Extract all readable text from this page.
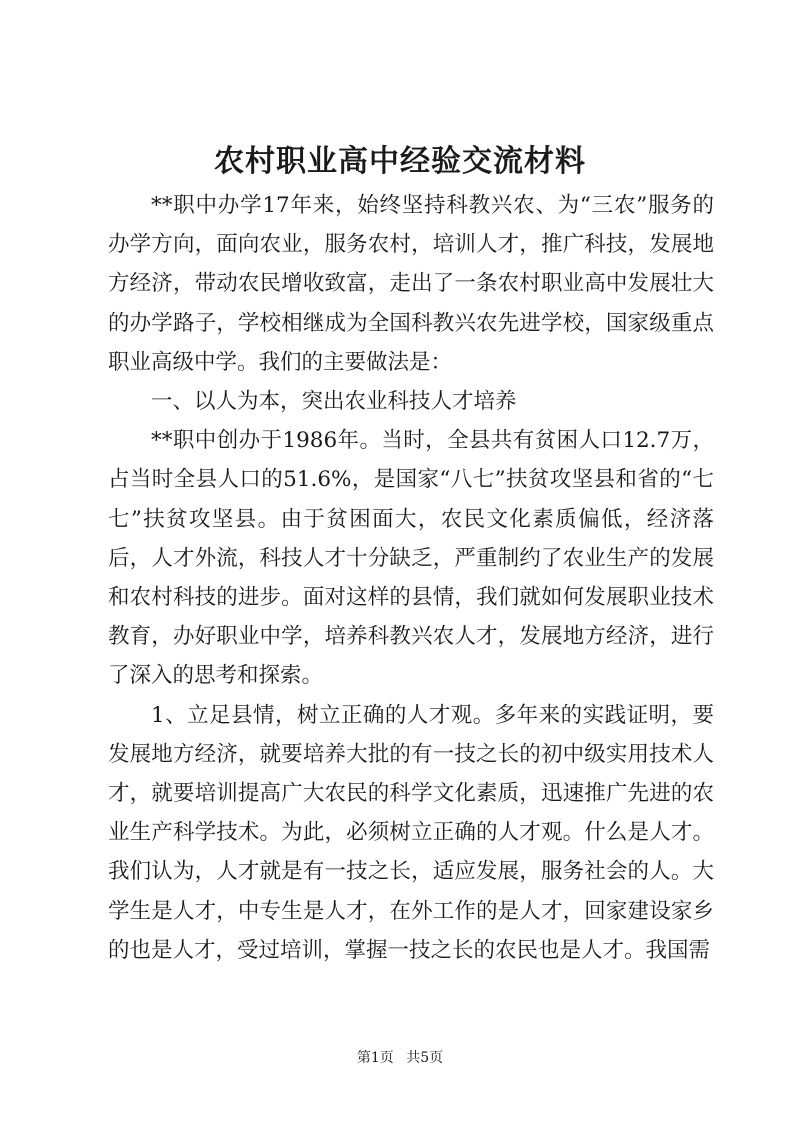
农村职业高中经验交流材料

**职中办学17年来，始终坚持科教兴农、为“三农”服务的办学方向，面向农业，服务农村，培训人才，推广科技，发展地方经济，带动农民增收致富，走出了一条农村职业高中发展壮大的办学路子，学校相继成为全国科教兴农先进学校，国家级重点职业高级中学。我们的主要做法是：

一、以人为本，突出农业科技人才培养

**职中创办于1986年。当时，全县共有贫困人口12.7万，占当时全县人口的51.6%，是国家“八七”扶贫攻坚县和省的“七七”扶贫攻坚县。由于贫困面大，农民文化素质偏低，经济落后，人才外流，科技人才十分缺乏，严重制约了农业生产的发展和农村科技的进步。面对这样的县情，我们就如何发展职业技术教育，办好职业中学，培养科教兴农人才，发展地方经济，进行了深入的思考和探索。

1、立足县情，树立正确的人才观。多年来的实践证明，要发展地方经济，就要培养大批的有一技之长的初中级实用技术人才，就要培训提高广大农民的科学文化素质，迅速推广先进的农业生产科学技术。为此，必须树立正确的人才观。什么是人才。我们认为，人才就是有一技之长，适应发展，服务社会的人。大学生是人才，中专生是人才，在外工作的是人才，回家建设家乡的也是人才，受过培训，掌握一技之长的农民也是人才。我国需

第1页 共5页
